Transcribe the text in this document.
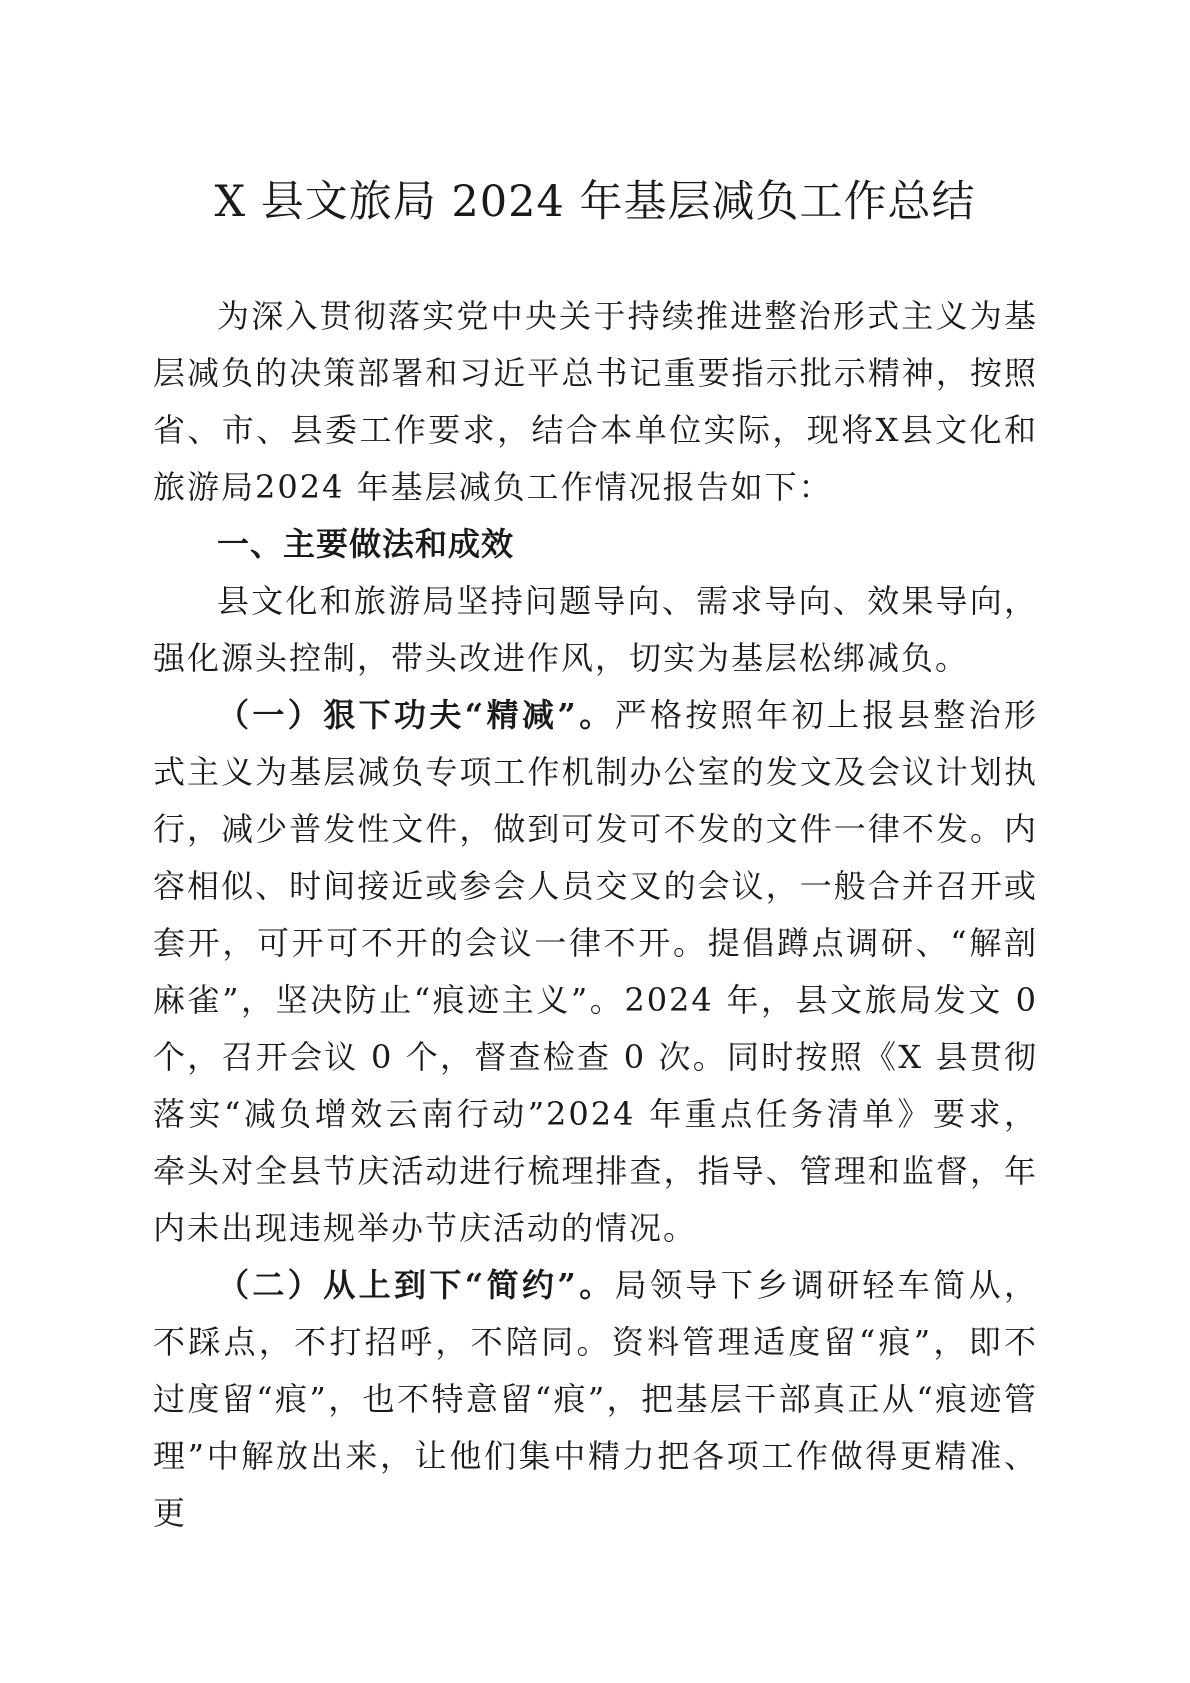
X 县文旅局 2024 年基层减负工作总结

为深入贯彻落实党中央关于持续推进整治形式主义为基层减负的决策部署和习近平总书记重要指示批示精神，按照省、市、县委工作要求，结合本单位实际，现将X县文化和旅游局2024 年基层减负工作情况报告如下：

一、主要做法和成效

县文化和旅游局坚持问题导向、需求导向、效果导向，强化源头控制，带头改进作风，切实为基层松绑减负。

（一）狠下功夫“精减”。严格按照年初上报县整治形式主义为基层减负专项工作机制办公室的发文及会议计划执行，减少普发性文件，做到可发可不发的文件一律不发。内容相似、时间接近或参会人员交叉的会议，一般合并召开或套开，可开可不开的会议一律不开。提倡蹲点调研、“解剖麻雀”，坚决防止“痕迹主义”。2024 年，县文旅局发文 0 个，召开会议 0 个，督查检查 0 次。同时按照《X 县贯彻落实“减负增效云南行动”2024 年重点任务清单》要求，牵头对全县节庆活动进行梳理排查，指导、管理和监督，年内未出现违规举办节庆活动的情况。

（二）从上到下“简约”。局领导下乡调研轻车简从，不踩点，不打招呼，不陪同。资料管理适度留“痕”，即不过度留“痕”，也不特意留“痕”，把基层干部真正从“痕迹管理”中解放出来，让他们集中精力把各项工作做得更精准、更
